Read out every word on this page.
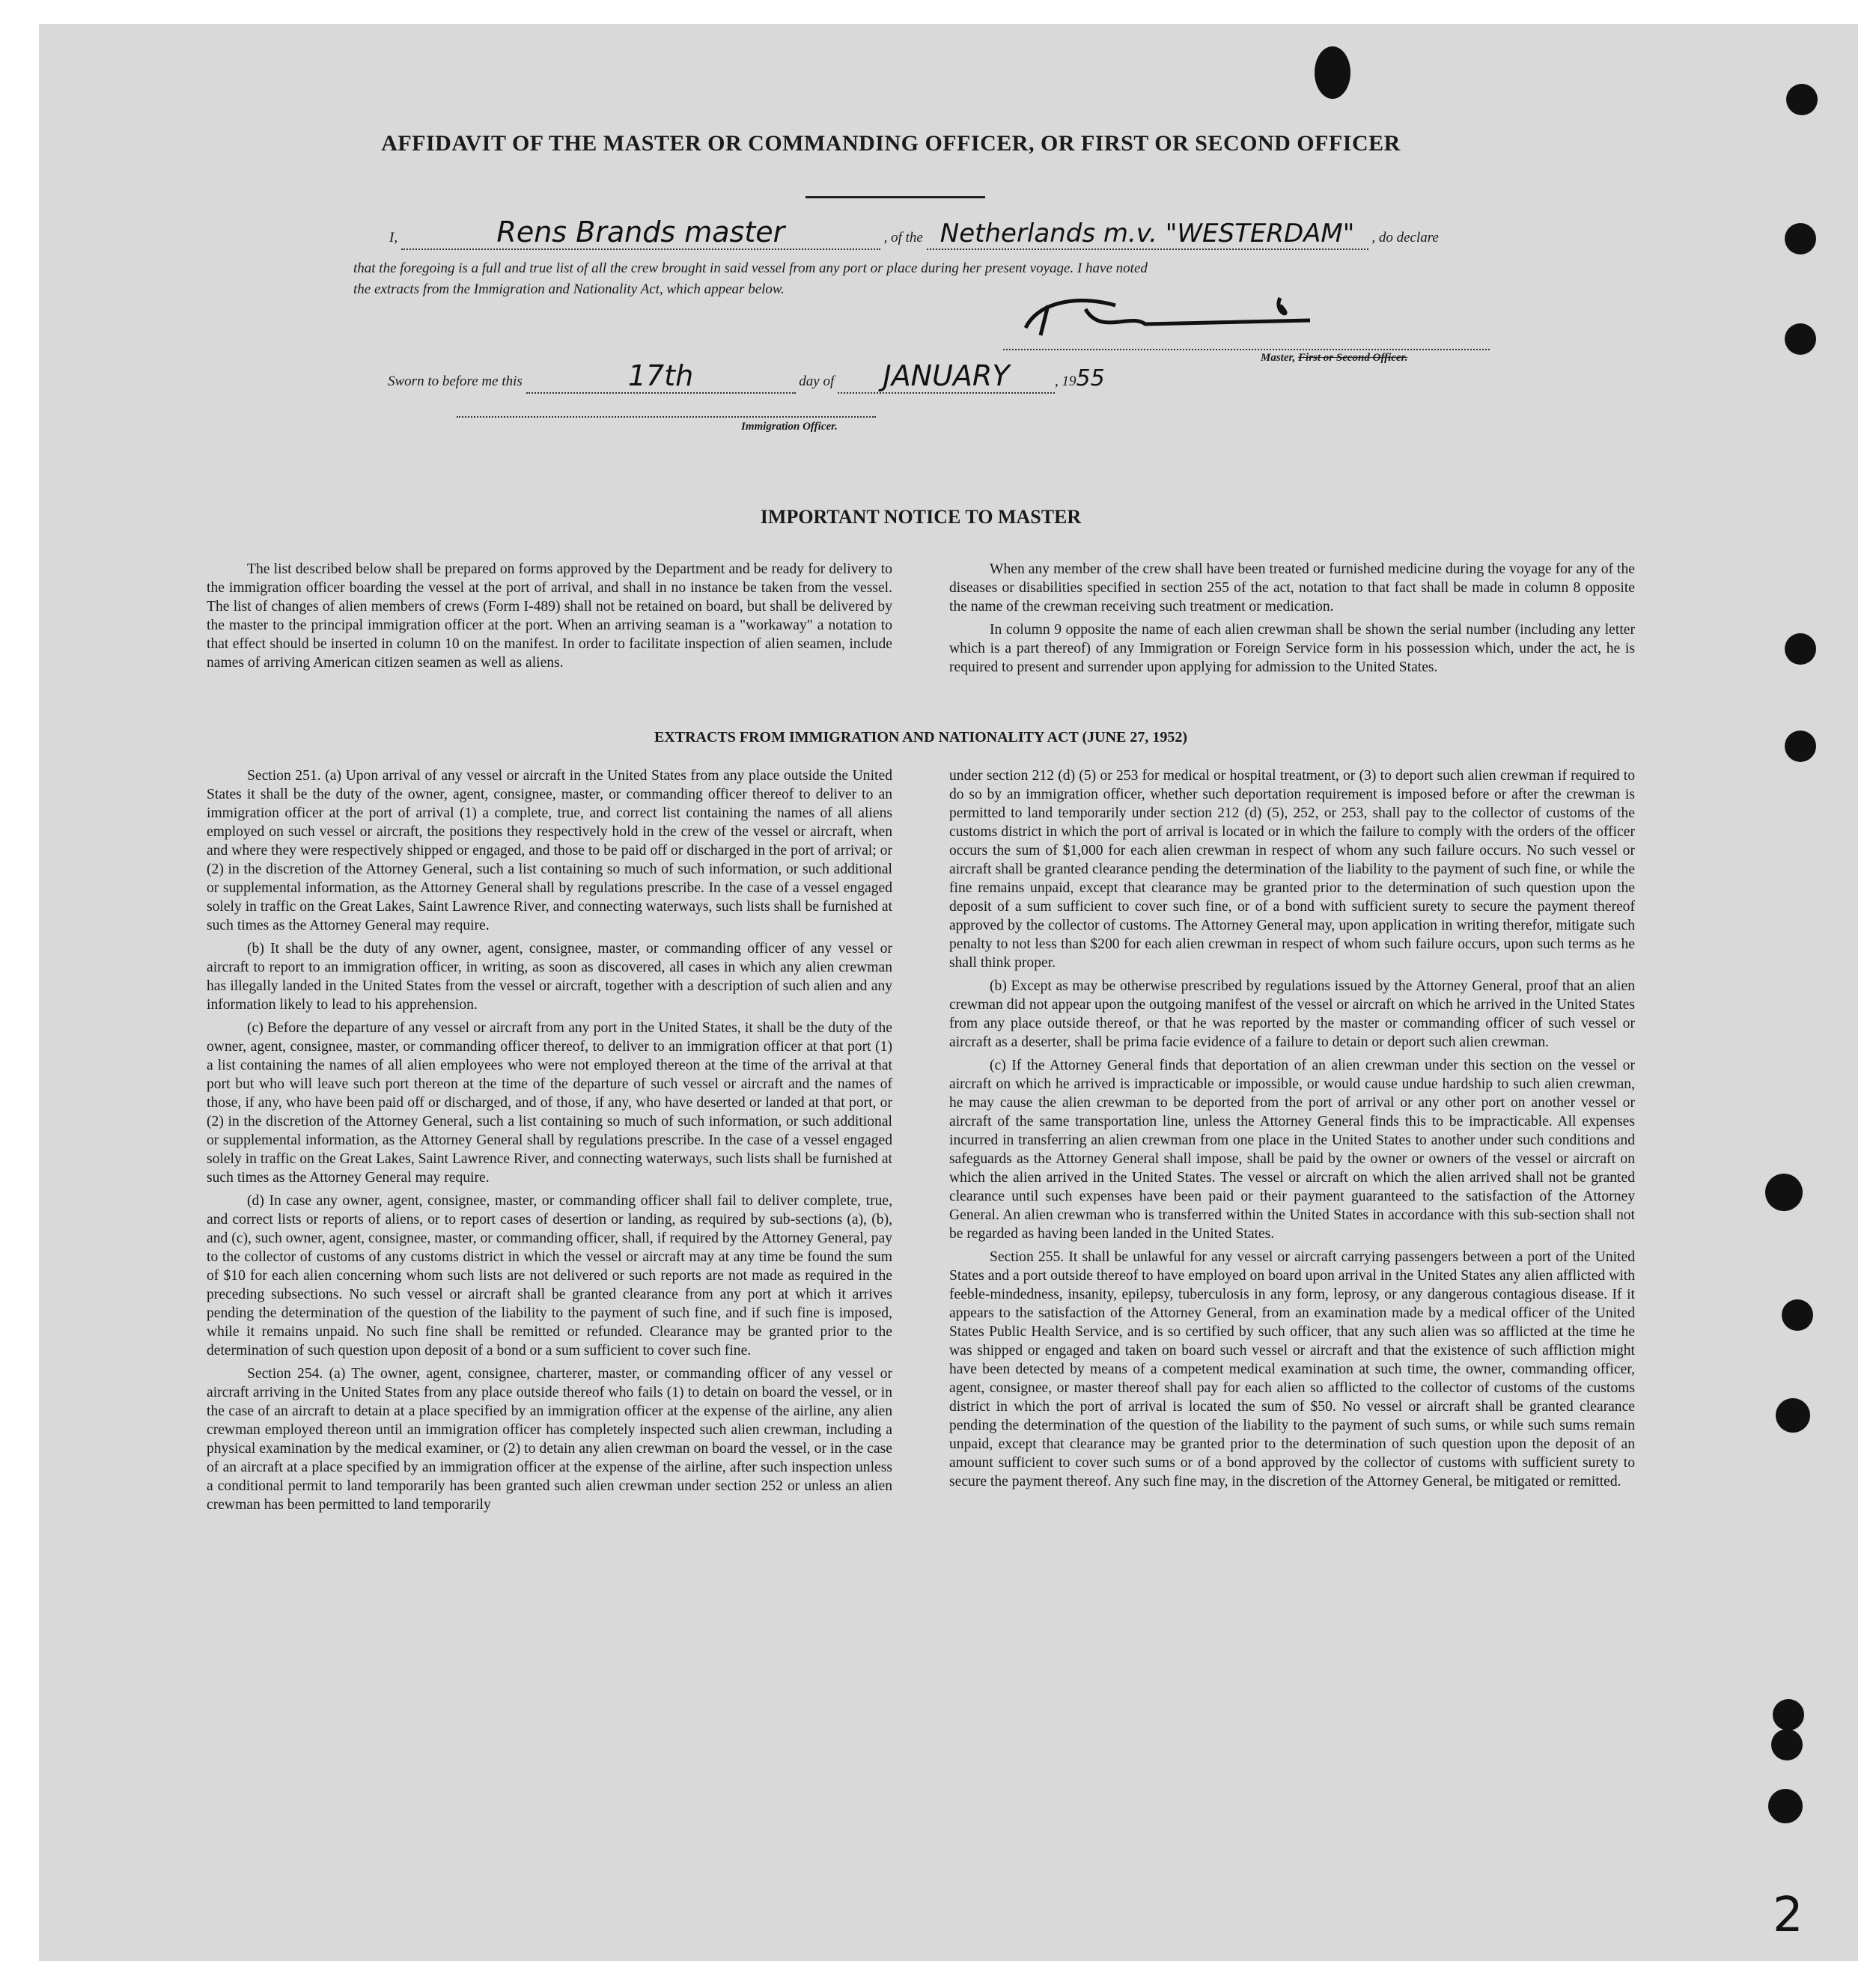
AFFIDAVIT OF THE MASTER OR COMMANDING OFFICER, OR FIRST OR SECOND OFFICER
I,	Rens Brands master	, of the Netherlands m.v. "WESTERDAM" , do declare
that the foregoing is a full and true list of all the crew brought in said vessel from any port or place during her present voyage. I have noted
the extracts from the Immigration and Nationality Act, which appear below.
Master, First or Second Officer.
Sworn to before me this	17th	day of JANUARY	, 1955
Immigration Officer.
IMPORTANT NOTICE TO MASTER

The list described below shall be prepared on forms approved by the Department and be ready for delivery to the immigration officer boarding the vessel at the port of arrival, and shall in no instance be taken from the vessel. The list of changes of alien members of crews (Form I-489) shall not be retained on board, but shall be delivered by the master to the principal immigration officer at the port. When an arriving seaman is a "workaway" a notation to that effect should be inserted in column 10 on the manifest. In order to facilitate inspection of alien seamen, include names of arriving American citizen seamen as well as aliens.

When any member of the crew shall have been treated or furnished medicine during the voyage for any of the diseases or disabilities specified in section 255 of the act, notation to that fact shall be made in column 8 opposite the name of the crewman receiving such treatment or medication.

In column 9 opposite the name of each alien crewman shall be shown the serial number (including any letter which is a part thereof) of any Immigration or Foreign Service form in his possession which, under the act, he is required to present and surrender upon applying for admission to the United States.

EXTRACTS FROM IMMIGRATION AND NATIONALITY ACT (JUNE 27, 1952)

Section 251. (a) Upon arrival of any vessel or aircraft in the United States from any place outside the United States it shall be the duty of the owner, agent, consignee, master, or commanding officer thereof to deliver to an immigration officer at the port of arrival (1) a complete, true, and correct list containing the names of all aliens employed on such vessel or aircraft, the positions they respectively hold in the crew of the vessel or aircraft, when and where they were respectively shipped or engaged, and those to be paid off or discharged in the port of arrival; or (2) in the discretion of the Attorney General, such a list containing so much of such information, or such additional or supplemental information, as the Attorney General shall by regulations prescribe. In the case of a vessel engaged solely in traffic on the Great Lakes, Saint Lawrence River, and connecting waterways, such lists shall be furnished at such times as the Attorney General may require.

(b) It shall be the duty of any owner, agent, consignee, master, or commanding officer of any vessel or aircraft to report to an immigration officer, in writing, as soon as discovered, all cases in which any alien crewman has illegally landed in the United States from the vessel or aircraft, together with a description of such alien and any information likely to lead to his apprehension.

(c) Before the departure of any vessel or aircraft from any port in the United States, it shall be the duty of the owner, agent, consignee, master, or commanding officer thereof, to deliver to an immigration officer at that port (1) a list containing the names of all alien employees who were not employed thereon at the time of the arrival at that port but who will leave such port thereon at the time of the departure of such vessel or aircraft and the names of those, if any, who have been paid off or discharged, and of those, if any, who have deserted or landed at that port, or (2) in the discretion of the Attorney General, such a list containing so much of such information, or such additional or supplemental information, as the Attorney General shall by regulations prescribe. In the case of a vessel engaged solely in traffic on the Great Lakes, Saint Lawrence River, and connecting waterways, such lists shall be furnished at such times as the Attorney General may require.

(d) In case any owner, agent, consignee, master, or commanding officer shall fail to deliver complete, true, and correct lists or reports of aliens, or to report cases of desertion or landing, as required by sub-sections (a), (b), and (c), such owner, agent, consignee, master, or commanding officer, shall, if required by the Attorney General, pay to the collector of customs of any customs district in which the vessel or aircraft may at any time be found the sum of $10 for each alien concerning whom such lists are not delivered or such reports are not made as required in the preceding subsections. No such vessel or aircraft shall be granted clearance from any port at which it arrives pending the determination of the question of the liability to the payment of such fine, and if such fine is imposed, while it remains unpaid. No such fine shall be remitted or refunded. Clearance may be granted prior to the determination of such question upon deposit of a bond or a sum sufficient to cover such fine.

Section 254. (a) The owner, agent, consignee, charterer, master, or commanding officer of any vessel or aircraft arriving in the United States from any place outside thereof who fails (1) to detain on board the vessel, or in the case of an aircraft to detain at a place specified by an immigration officer at the expense of the airline, any alien crewman employed thereon until an immigration officer has completely inspected such alien crewman, including a physical examination by the medical examiner, or (2) to detain any alien crewman on board the vessel, or in the case of an aircraft at a place specified by an immigration officer at the expense of the airline, after such inspection unless a conditional permit to land temporarily has been granted such alien crewman under section 252 or unless an alien crewman has been permitted to land temporarily

under section 212 (d) (5) or 253 for medical or hospital treatment, or (3) to deport such alien crewman if required to do so by an immigration officer, whether such deportation requirement is imposed before or after the crewman is permitted to land temporarily under section 212 (d) (5), 252, or 253, shall pay to the collector of customs of the customs district in which the port of arrival is located or in which the failure to comply with the orders of the officer occurs the sum of $1,000 for each alien crewman in respect of whom any such failure occurs. No such vessel or aircraft shall be granted clearance pending the determination of the liability to the payment of such fine, or while the fine remains unpaid, except that clearance may be granted prior to the determination of such question upon the deposit of a sum sufficient to cover such fine, or of a bond with sufficient surety to secure the payment thereof approved by the collector of customs. The Attorney General may, upon application in writing therefor, mitigate such penalty to not less than $200 for each alien crewman in respect of whom such failure occurs, upon such terms as he shall think proper.

(b) Except as may be otherwise prescribed by regulations issued by the Attorney General, proof that an alien crewman did not appear upon the outgoing manifest of the vessel or aircraft on which he arrived in the United States from any place outside thereof, or that he was reported by the master or commanding officer of such vessel or aircraft as a deserter, shall be prima facie evidence of a failure to detain or deport such alien crewman.

(c) If the Attorney General finds that deportation of an alien crewman under this section on the vessel or aircraft on which he arrived is impracticable or impossible, or would cause undue hardship to such alien crewman, he may cause the alien crewman to be deported from the port of arrival or any other port on another vessel or aircraft of the same transportation line, unless the Attorney General finds this to be impracticable. All expenses incurred in transferring an alien crewman from one place in the United States to another under such conditions and safeguards as the Attorney General shall impose, shall be paid by the owner or owners of the vessel or aircraft on which the alien arrived in the United States. The vessel or aircraft on which the alien arrived shall not be granted clearance until such expenses have been paid or their payment guaranteed to the satisfaction of the Attorney General. An alien crewman who is transferred within the United States in accordance with this sub-section shall not be regarded as having been landed in the United States.

Section 255. It shall be unlawful for any vessel or aircraft carrying passengers between a port of the United States and a port outside thereof to have employed on board upon arrival in the United States any alien afflicted with feeble-mindedness, insanity, epilepsy, tuberculosis in any form, leprosy, or any dangerous contagious disease. If it appears to the satisfaction of the Attorney General, from an examination made by a medical officer of the United States Public Health Service, and is so certified by such officer, that any such alien was so afflicted at the time he was shipped or engaged and taken on board such vessel or aircraft and that the existence of such affliction might have been detected by means of a competent medical examination at such time, the owner, commanding officer, agent, consignee, or master thereof shall pay for each alien so afflicted to the collector of customs of the customs district in which the port of arrival is located the sum of $50. No vessel or aircraft shall be granted clearance pending the determination of the question of the liability to the payment of such sums, or while such sums remain unpaid, except that clearance may be granted prior to the determination of such question upon the deposit of an amount sufficient to cover such sums or of a bond approved by the collector of customs with sufficient surety to secure the payment thereof. Any such fine may, in the discretion of the Attorney General, be mitigated or remitted.

2
